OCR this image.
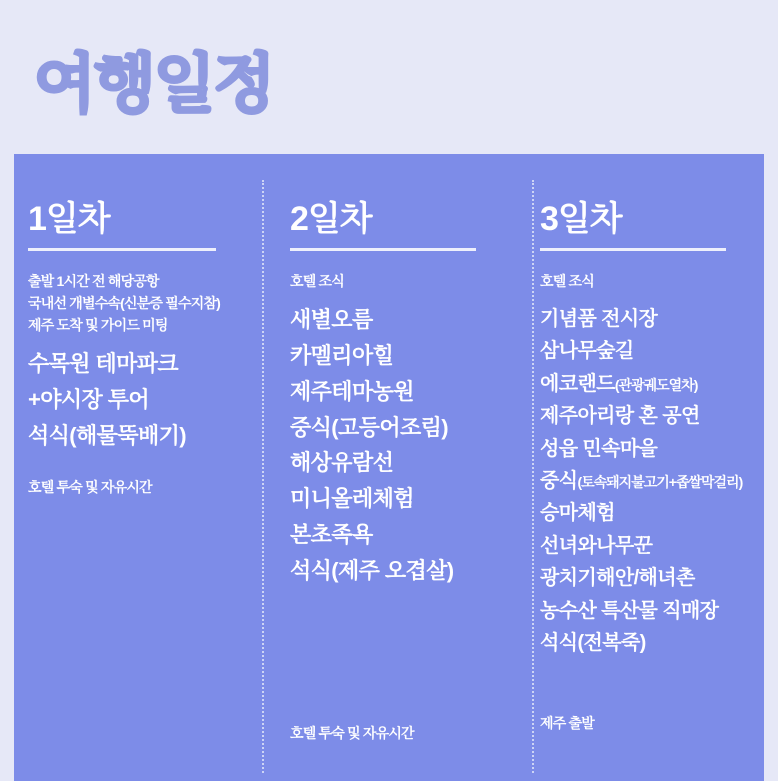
여행일정
1일차
출발 1시간 전 해당공항
국내선 개별수속(신분증 필수지참)
제주 도착 및 가이드 미팅
수목원 테마파크
+야시장 투어
석식(해물뚝배기)
호텔 투숙 및 자유시간
2일차
호텔 조식
새별오름
카멜리아힐
제주테마농원
중식(고등어조림)
해상유람선
미니올레체험
본초족욕
석식(제주 오겹살)
호텔 투숙 및 자유시간
3일차
호텔 조식
기념품 전시장
삼나무숲길
에코랜드(관광궤도열차)
제주아리랑 혼 공연
성읍 민속마을
중식(토속돼지불고기+좁쌀막걸리)
승마체험
선녀와나무꾼
광치기해안/해녀촌
농수산 특산물 직매장
석식(전복죽)
제주 출발
